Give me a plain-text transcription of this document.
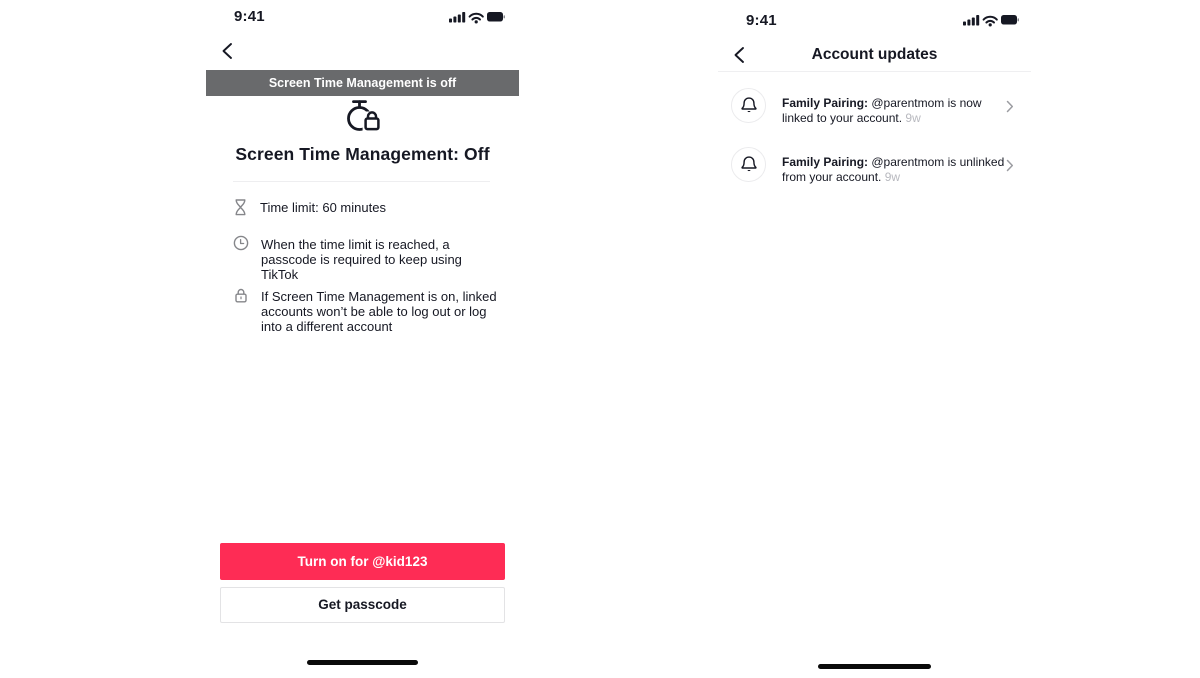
9:41
Screen Time Management is off
Screen Time Management: Off
Time limit: 60 minutes
When the time limit is reached, a
passcode is required to keep using TikTok
If Screen Time Management is on, linked
accounts won’t be able to log out or log
into a different account
Turn on for @kid123
Get passcode
9:41
Account updates
Family Pairing: @parentmom is now linked to your account. 9w
Family Pairing: @parentmom is unlinked from your account. 9w
